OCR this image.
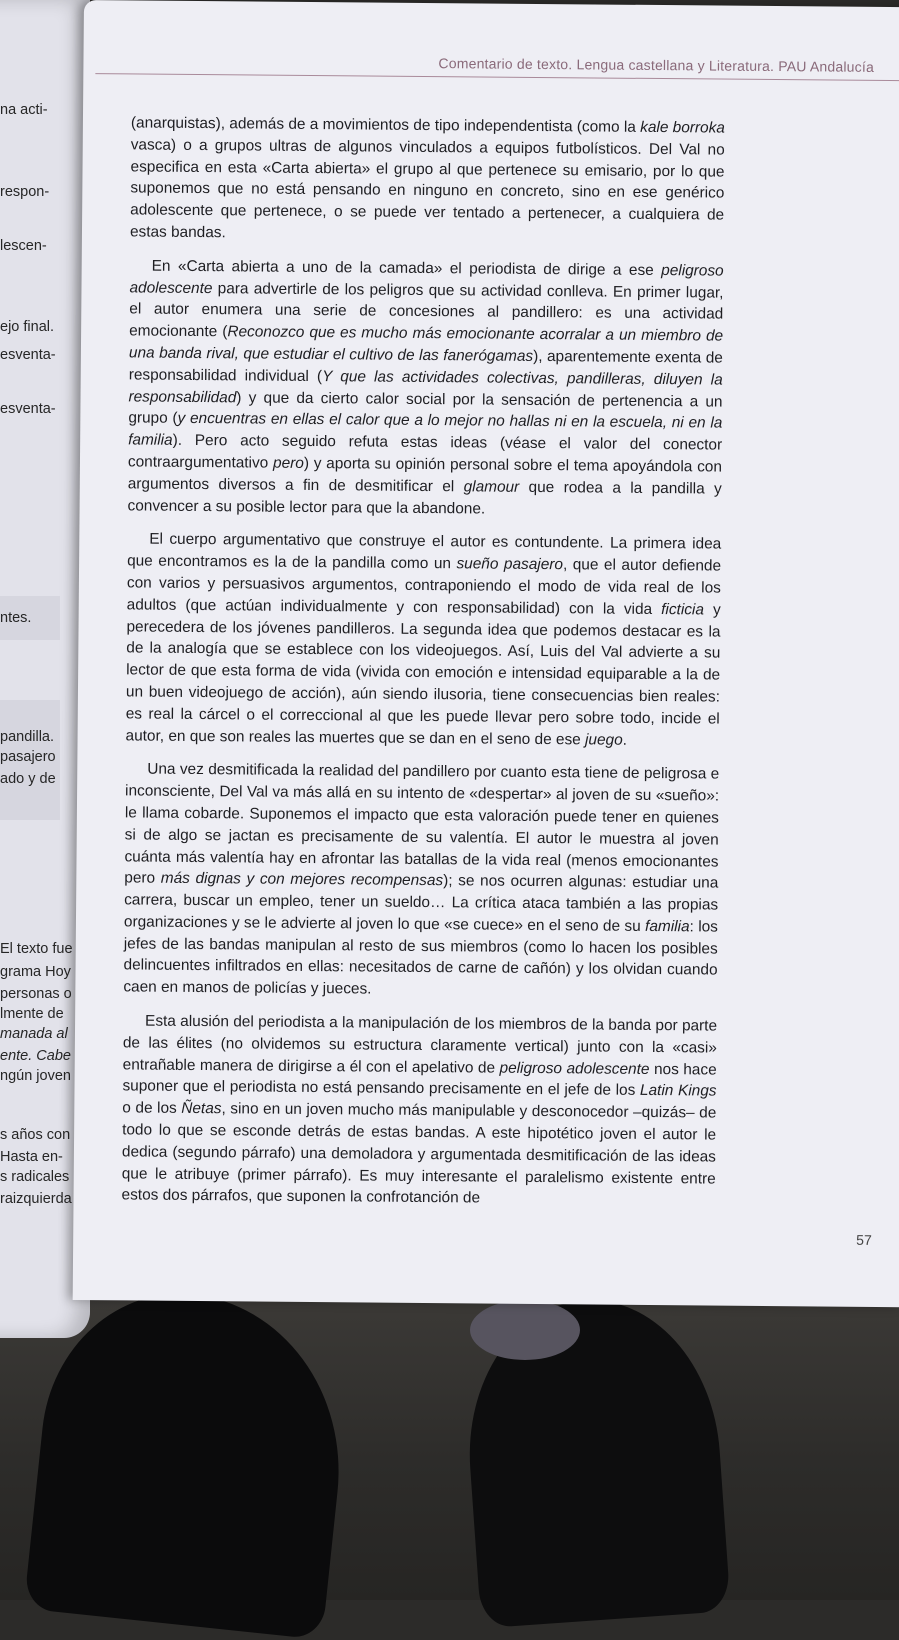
na acti-
respon-
lescen-
ejo final.
esventa-
esventa-
ntes.
pandilla.
pasajero
ado y de
El texto fue
grama Hoy
personas o
lmente de
manada al
ente. Cabe
ngún joven
s años con
Hasta en-
s radicales
raizquierda
Comentario de texto. Lengua castellana y Literatura. PAU Andalucía

(anarquistas), además de a movimientos de tipo independentista (como la kale borroka vasca) o a grupos ultras de algunos vinculados a equipos futbolísticos. Del Val no especifica en esta «Carta abierta» el grupo al que pertenece su emisario, por lo que suponemos que no está pensando en ninguno en concreto, sino en ese genérico adolescente que pertenece, o se puede ver tentado a pertenecer, a cualquiera de estas bandas.

En «Carta abierta a uno de la camada» el periodista de dirige a ese peligroso adolescente para advertirle de los peligros que su actividad conlleva. En primer lugar, el autor enumera una serie de concesiones al pandillero: es una actividad emocionante (Reconozco que es mucho más emocionante acorralar a un miembro de una banda rival, que estudiar el cultivo de las fanerógamas), aparentemente exenta de responsabilidad individual (Y que las actividades colectivas, pandilleras, diluyen la responsabilidad) y que da cierto calor social por la sensación de pertenencia a un grupo (y encuentras en ellas el calor que a lo mejor no hallas ni en la escuela, ni en la familia). Pero acto seguido refuta estas ideas (véase el valor del conector contraargumentativo pero) y aporta su opinión personal sobre el tema apoyándola con argumentos diversos a fin de desmitificar el glamour que rodea a la pandilla y convencer a su posible lector para que la abandone.

El cuerpo argumentativo que construye el autor es contundente. La primera idea que encontramos es la de la pandilla como un sueño pasajero, que el autor defiende con varios y persuasivos argumentos, contraponiendo el modo de vida real de los adultos (que actúan individualmente y con responsabilidad) con la vida ficticia y perecedera de los jóvenes pandilleros. La segunda idea que podemos destacar es la de la analogía que se establece con los videojuegos. Así, Luis del Val advierte a su lector de que esta forma de vida (vivida con emoción e intensidad equiparable a la de un buen videojuego de acción), aún siendo ilusoria, tiene consecuencias bien reales: es real la cárcel o el correccional al que les puede llevar pero sobre todo, incide el autor, en que son reales las muertes que se dan en el seno de ese juego.

Una vez desmitificada la realidad del pandillero por cuanto esta tiene de peligrosa e inconsciente, Del Val va más allá en su intento de «despertar» al joven de su «sueño»: le llama cobarde. Suponemos el impacto que esta valoración puede tener en quienes si de algo se jactan es precisamente de su valentía. El autor le muestra al joven cuánta más valentía hay en afrontar las batallas de la vida real (menos emocionantes pero más dignas y con mejores recompensas); se nos ocurren algunas: estudiar una carrera, buscar un empleo, tener un sueldo… La crítica ataca también a las propias organizaciones y se le advierte al joven lo que «se cuece» en el seno de su familia: los jefes de las bandas manipulan al resto de sus miembros (como lo hacen los posibles delincuentes infiltrados en ellas: necesitados de carne de cañón) y los olvidan cuando caen en manos de policías y jueces.

Esta alusión del periodista a la manipulación de los miembros de la banda por parte de las élites (no olvidemos su estructura claramente vertical) junto con la «casi» entrañable manera de dirigirse a él con el apelativo de peligroso adolescente nos hace suponer que el periodista no está pensando precisamente en el jefe de los Latin Kings o de los Ñetas, sino en un joven mucho más manipulable y desconocedor –quizás– de todo lo que se esconde detrás de estas bandas. A este hipotético joven el autor le dedica (segundo párrafo) una demoladora y argumentada desmitificación de las ideas que le atribuye (primer párrafo). Es muy interesante el paralelismo existente entre estos dos párrafos, que suponen la confrotanción de

57
